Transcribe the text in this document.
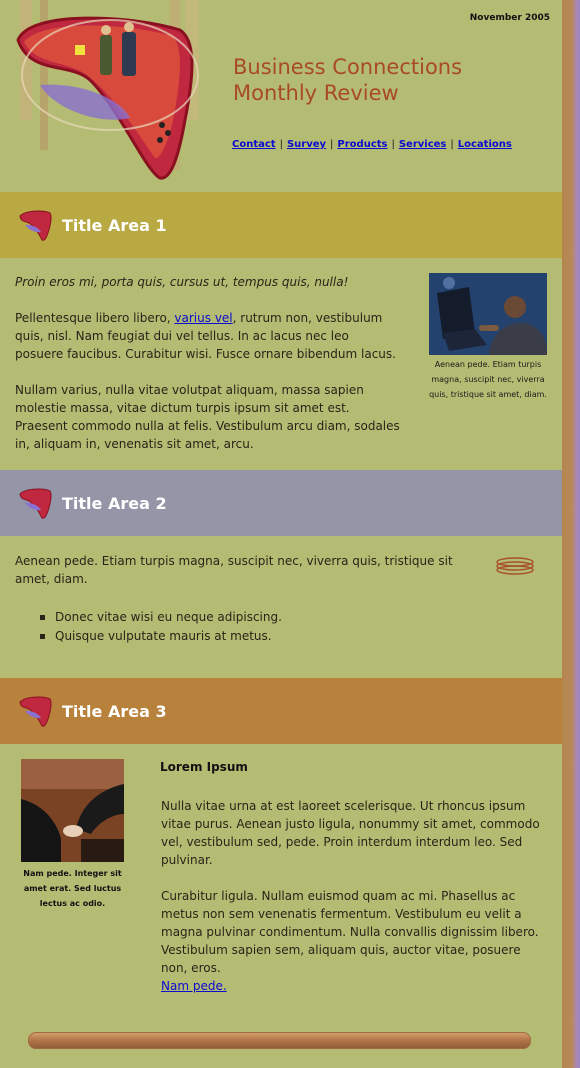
November 2005
Business Connections
Monthly Review
Contact | Survey | Products | Services | Locations
Title Area 1

Proin eros mi, porta quis, cursus ut, tempus quis, nulla!

Pellentesque libero libero, varius vel, rutrum non, vestibulum quis, nisl. Nam feugiat dui vel tellus. In ac lacus nec leo posuere faucibus. Curabitur wisi. Fusce ornare bibendum lacus.

Nullam varius, nulla vitae volutpat aliquam, massa sapien molestie massa, vitae dictum turpis ipsum sit amet est. Praesent commodo nulla at felis. Vestibulum arcu diam, sodales in, aliquam in, venenatis sit amet, arcu.

Aenean pede. Etiam turpis magna, suscipit nec, viverra quis, tristique sit amet, diam.
Title Area 2

Aenean pede. Etiam turpis magna, suscipit nec, viverra quis, tristique sit amet, diam.

Donec vitae wisi eu neque adipiscing.
Quisque vulputate mauris at metus.
Title Area 3
Nam pede. Integer sit amet erat. Sed luctus lectus ac odio.
Lorem Ipsum

Nulla vitae urna at est laoreet scelerisque. Ut rhoncus ipsum vitae purus. Aenean justo ligula, nonummy sit amet, commodo vel, vestibulum sed, pede. Proin interdum interdum leo. Sed pulvinar.

Curabitur ligula. Nullam euismod quam ac mi. Phasellus ac metus non sem venenatis fermentum. Vestibulum eu velit a magna pulvinar condimentum. Nulla convallis dignissim libero. Vestibulum sapien sem, aliquam quis, auctor vitae, posuere non, eros.
Nam pede.
